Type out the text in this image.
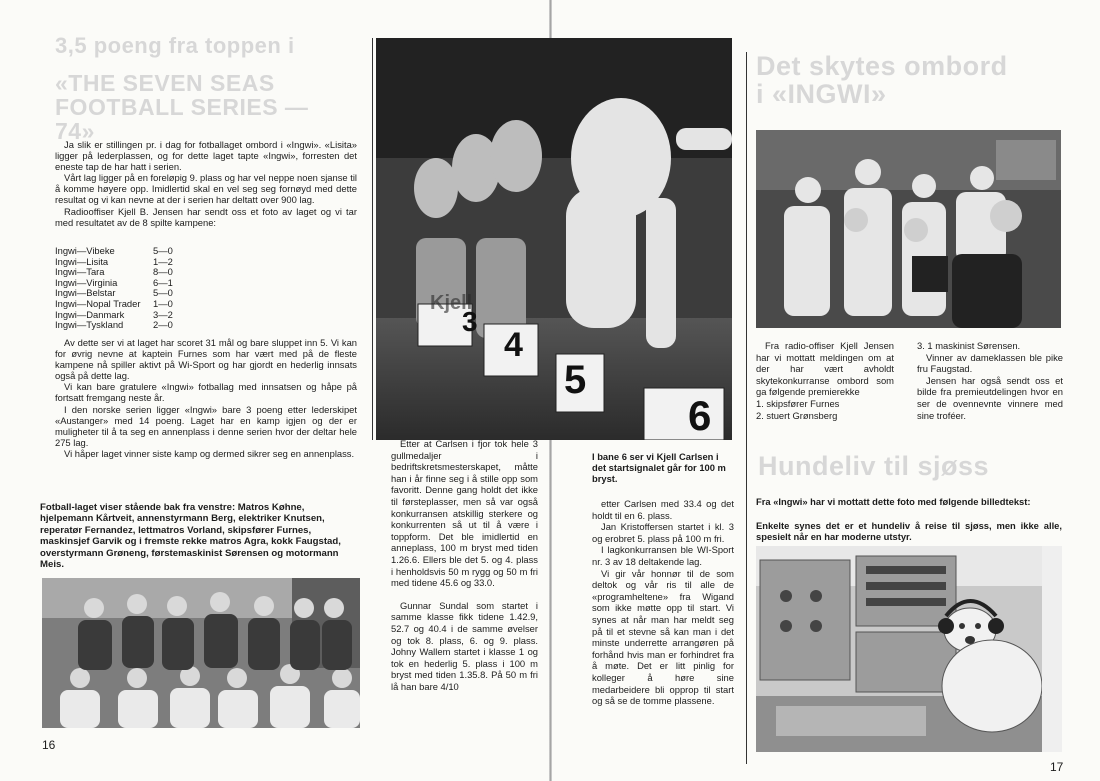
3,5 poeng fra toppen i
«THE SEVEN SEAS
FOOTBALL SERIES — 74»

Ja slik er stillingen pr. i dag for fotballaget ombord i «Ingwi». «Lisita» ligger på lederplassen, og for dette laget tapte «Ingwi», forresten det eneste tap de har hatt i serien.

Vårt lag ligger på en foreløpig 9. plass og har vel neppe noen sjanse til å komme høyere opp. Imidlertid skal en vel seg seg fornøyd med dette resultat og vi kan nevne at der i serien har deltatt over 900 lag.

Radiooffiser Kjell B. Jensen har sendt oss et foto av laget og vi tar med resultatet av de 8 spilte kampene:

Ingwi—Vibeke	5—0
Ingwi—Lisita	1—2
Ingwi—Tara	8—0
Ingwi—Virginia	6—1
Ingwi—Belstar	5—0
Ingwi—Nopal Trader	1—0
Ingwi—Danmark	3—2
Ingwi—Tyskland	2—0

Av dette ser vi at laget har scoret 31 mål og bare sluppet inn 5. Vi kan for øvrig nevne at kaptein Furnes som har vært med på de fleste kampene nå spiller aktivt på Wi-Sport og har gjordt en hederlig innsats også på dette lag.

Vi kan bare gratulere «Ingwi» fotballag med innsatsen og håpe på fortsatt fremgang neste år.

I den norske serien ligger «Ingwi» bare 3 poeng etter lederskipet «Austanger» med 14 poeng. Laget har en kamp igjen og der er muligheter til å ta seg en annenplass i denne serien hvor der deltar hele 275 lag.

Vi håper laget vinner siste kamp og dermed sikrer seg en annenplass.

Fotball-laget viser stående bak fra venstre: Matros Køhne, hjelpemann Kårtveit, annenstyrmann Berg, elektriker Knutsen, reperatør Fernandez, lettmatros Vorland, skipsfører Furnes, maskinsjef Garvik og i fremste rekke matros Agra, kokk Faugstad, overstyrmann Grøneng, førstemaskinist Sørensen og motormann Meis.
16
3
4
5
6
Kjell

Etter at Carlsen i fjor tok hele 3 gullmedaljer i bedriftskretsmesterskapet, måtte han i år finne seg i å stille opp som favoritt. Denne gang holdt det ikke til førsteplasser, men så var også konkurransen atskillig sterkere og konkurrenten så ut til å være i toppform. Det ble imidlertid en anneplass, 100 m bryst med tiden 1.26.6. Ellers ble det 5. og 4. plass i henholdsvis 50 m rygg og 50 m fri med tidene 45.6 og 33.0.

Gunnar Sundal som startet i samme klasse fikk tidene 1.42.9, 52.7 og 40.4 i de samme øvelser og tok 8. plass, 6. og 9. plass. Johny Wallem startet i klasse 1 og tok en hederlig 5. plass i 100 m bryst med tiden 1.35.8. På 50 m fri lå han bare 4/10

I bane 6 ser vi Kjell Carlsen i det startsignalet går for 100 m bryst.

etter Carlsen med 33.4 og det holdt til en 6. plass.

Jan Kristoffersen startet i kl. 3 og erobret 5. plass på 100 m fri.

I lagkonkurransen ble WI-Sport nr. 3 av 18 deltakende lag.

Vi gir vår honnør til de som deltok og vår ris til alle de «programheltene» fra Wigand som ikke møtte opp til start. Vi synes at når man har meldt seg på til et stevne så kan man i det minste underrette arrangøren på forhånd hvis man er forhindret fra å møte. Det er litt pinlig for kolleger å høre sine medarbeidere bli opprop til start og så se de tomme plassene.

Det skytes ombord
i «INGWI»

Fra radio-offiser Kjell Jensen har vi mottatt meldingen om at der har vært avholdt skytekonkurranse ombord som ga følgende premierekke

1. skipsfører Furnes
2. stuert Grønsberg
3. 1 maskinist Sørensen.

Vinner av dameklassen ble pike fru Faugstad.

Jensen har også sendt oss et bilde fra premieutdelingen hvor en ser de ovennevnte vinnere med sine troféer.

Hundeliv til sjøss
Fra «Ingwi» har vi mottatt dette foto med følgende billedtekst:
Enkelte synes det er et hundeliv å reise til sjøss, men ikke alle, spesielt når en har moderne utstyr.
17
